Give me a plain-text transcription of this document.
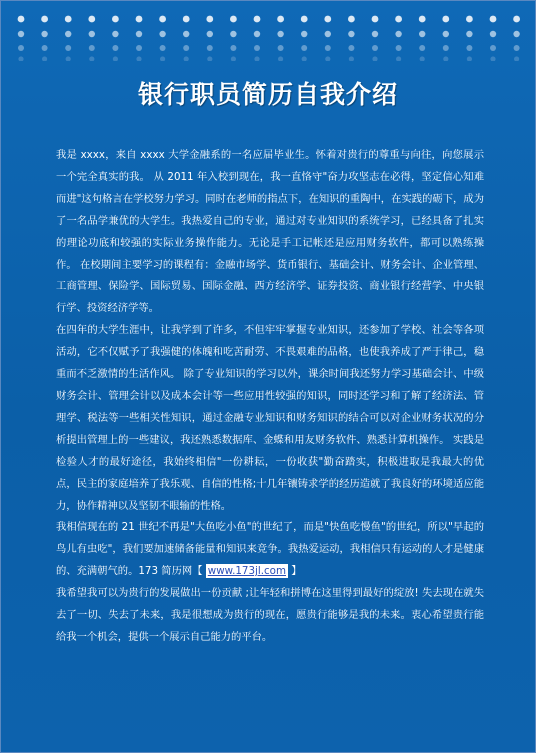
银行职员简历自我介绍

我是 xxxx，来自 xxxx 大学金融系的一名应届毕业生。怀着对贵行的尊重与向往，向您展示一个完全真实的我。 从 2011 年入校到现在，我一直恪守"奋力攻坚志在必得，坚定信心知难而进"这句格言在学校努力学习。同时在老师的指点下，在知识的重陶中，在实践的砺下，成为了一名品学兼优的大学生。我热爱自己的专业，通过对专业知识的系统学习，已经具备了扎实的理论功底和较强的实际业务操作能力。无论是手工记帐还是应用财务软件，都可以熟练操作。 在校期间主要学习的课程有：金融市场学、货币银行、基础会计、财务会计、企业管理、工商管理、保险学、国际贸易、国际金融、西方经济学、证券投资、商业银行经营学、中央银行学、投资经济学等。

在四年的大学生涯中，让我学到了许多，不但牢牢掌握专业知识，还参加了学校、社会等各项活动，它不仅赋予了我强健的体魄和吃苦耐劳、不畏艰难的品格，也使我养成了严于律己，稳重而不乏激情的生活作风。 除了专业知识的学习以外，课余时间我还努力学习基础会计、中级财务会计、管理会计以及成本会计等一些应用性较强的知识，同时还学习和了解了经济法、管理学、税法等一些相关性知识，通过金融专业知识和财务知识的结合可以对企业财务状况的分析提出管理上的一些建议，我还熟悉数据库、金蝶和用友财务软件、熟悉计算机操作。 实践是检验人才的最好途径，我始终相信"一份耕耘，一份收获"勤奋踏实，积极进取是我最大的优点，民主的家庭培养了我乐观、自信的性格;十几年镶铸求学的经历造就了我良好的环境适应能力，协作精神以及坚韧不眼输的性格。

我相信现在的 21 世纪不再是"大鱼吃小鱼"的世纪了，而是"快鱼吃慢鱼"的世纪，所以"早起的鸟儿有虫吃"，我们要加速储备能量和知识来竞争。我热爱运动，我相信只有运动的人才是健康的、充满朝气的。173 简历网【 www.173jl.com 】

我希望我可以为贵行的发展做出一份贡献 ;让年轻和拼博在这里得到最好的绽放! 失去现在就失去了一切、失去了未来，我是很想成为贵行的现在，愿贵行能够是我的未来。衷心希望贵行能给我一个机会，提供一个展示自己能力的平台。
